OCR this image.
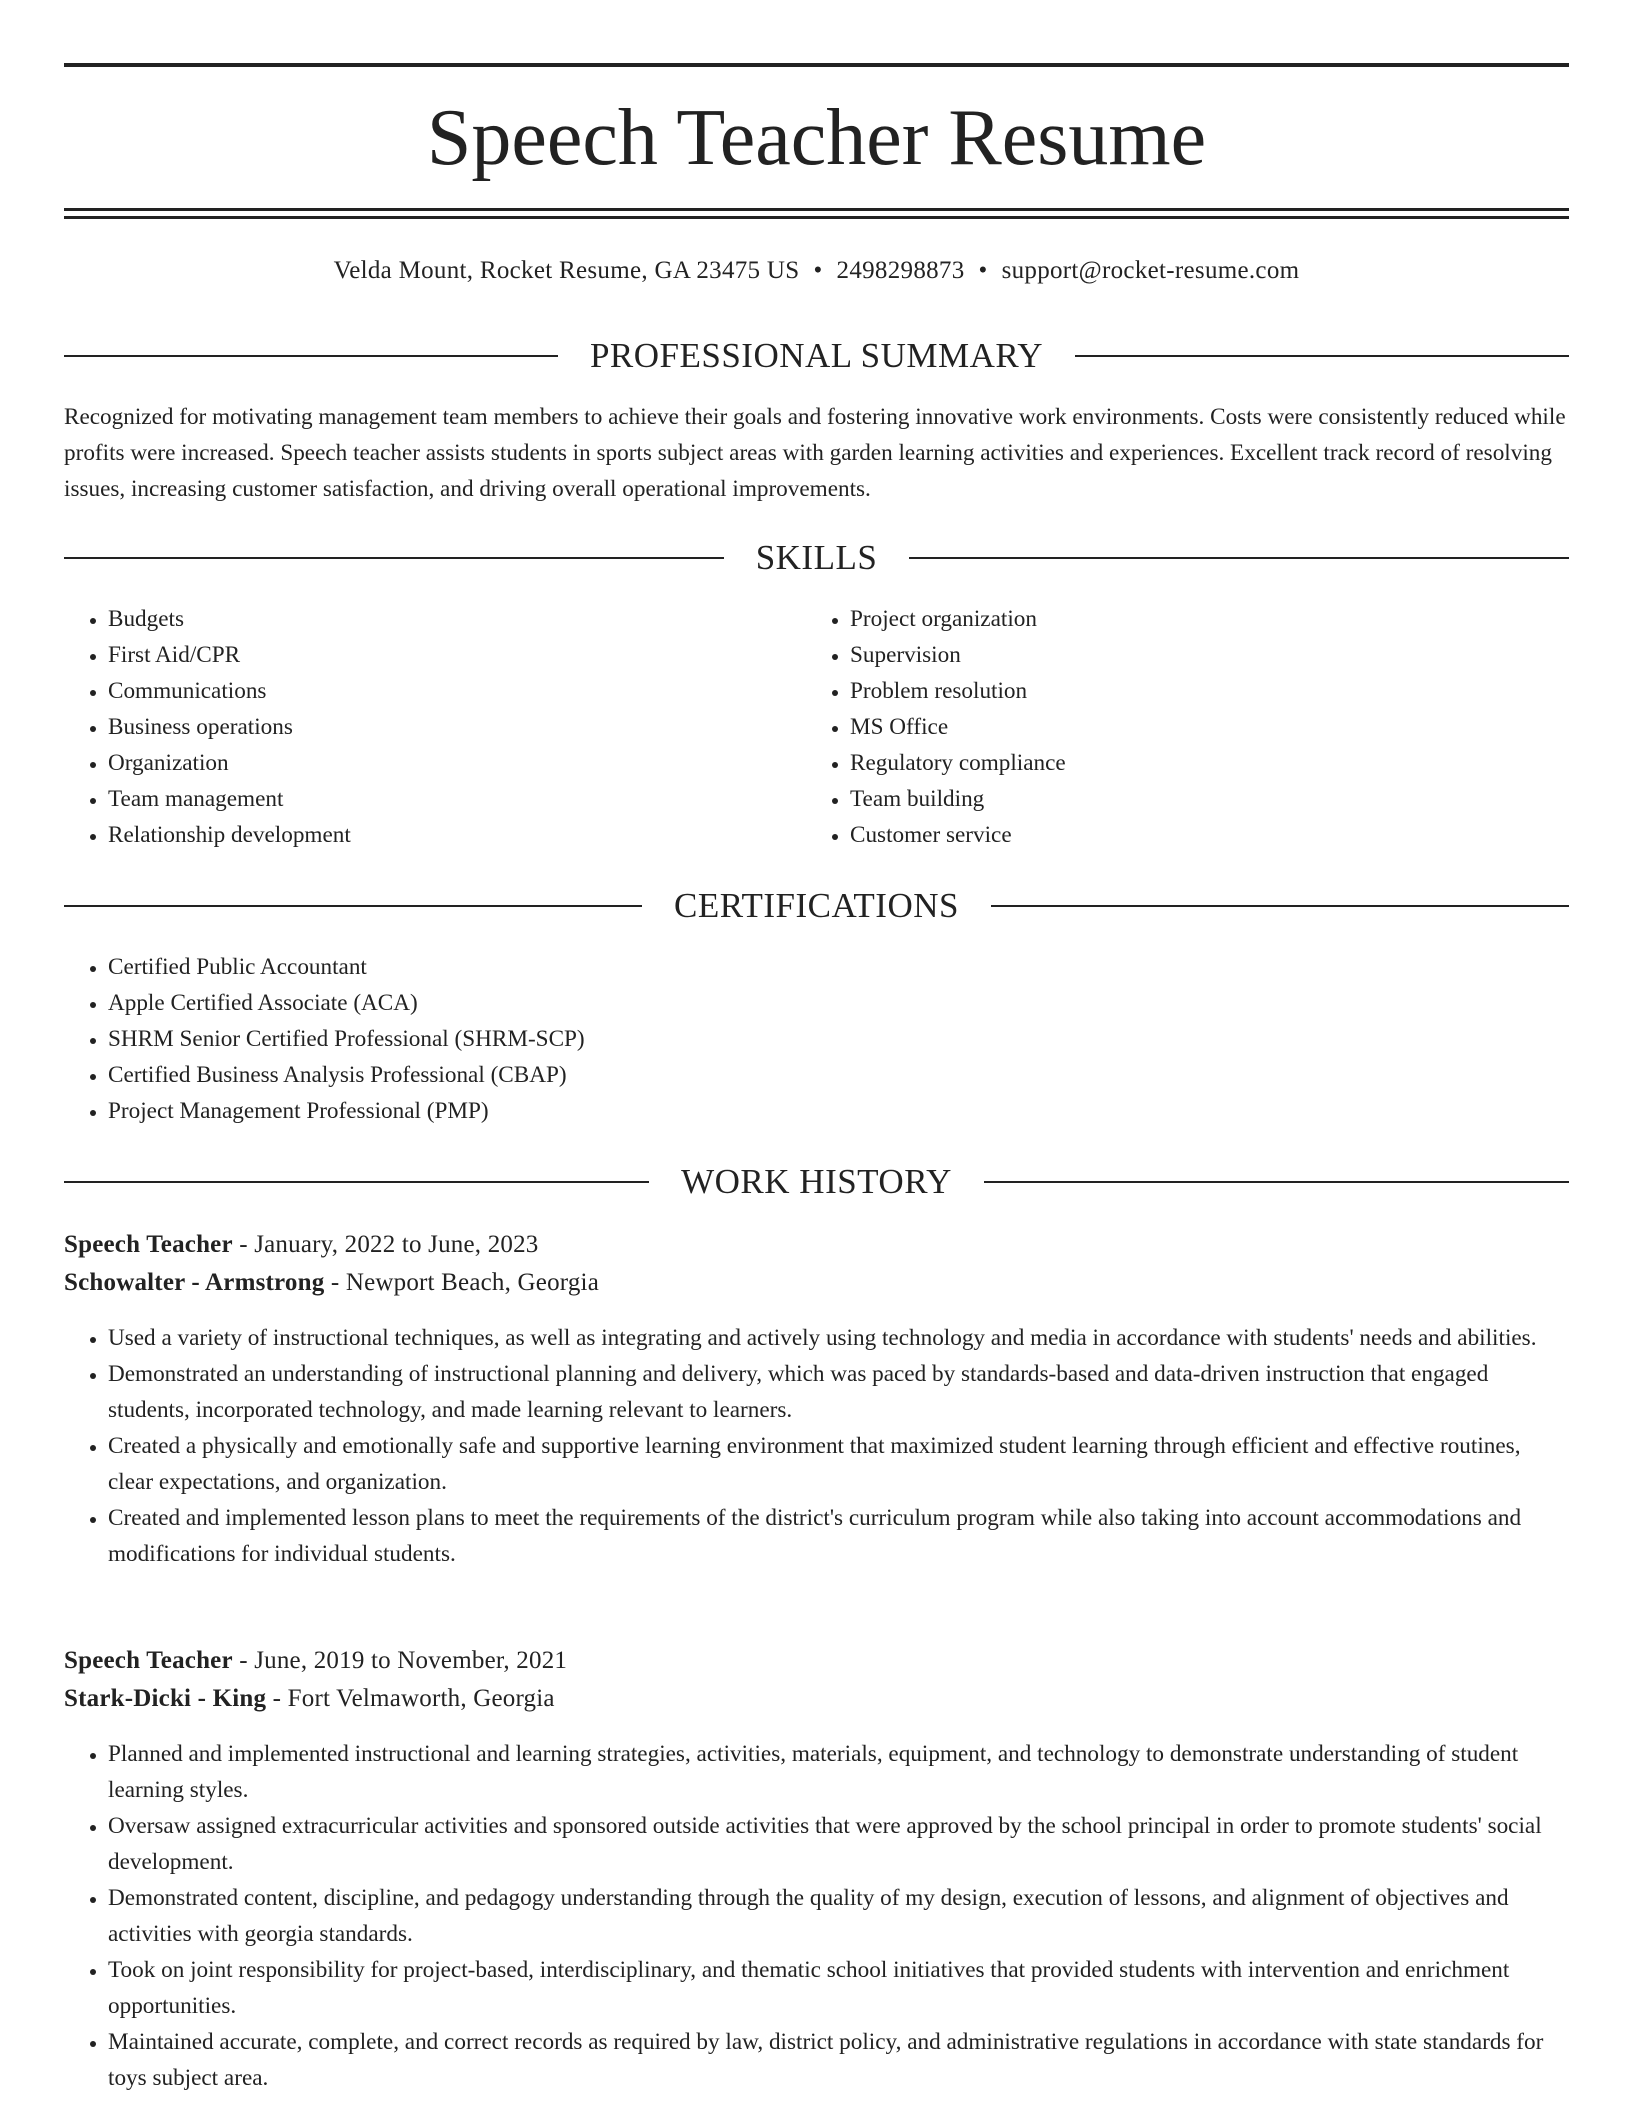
Speech Teacher Resume
Velda Mount, Rocket Resume, GA 23475 US • 2498298873 • support@rocket-resume.com
PROFESSIONAL SUMMARY

Recognized for motivating management team members to achieve their goals and fostering innovative work environments. Costs were consistently reduced while profits were increased. Speech teacher assists students in sports subject areas with garden learning activities and experiences. Excellent track record of resolving issues, increasing customer satisfaction, and driving overall operational improvements.

SKILLS
• Budgets
• First Aid/CPR
• Communications
• Business operations
• Organization
• Team management
• Relationship development
• Project organization
• Supervision
• Problem resolution
• MS Office
• Regulatory compliance
• Team building
• Customer service
CERTIFICATIONS
• Certified Public Accountant
• Apple Certified Associate (ACA)
• SHRM Senior Certified Professional (SHRM-SCP)
• Certified Business Analysis Professional (CBAP)
• Project Management Professional (PMP)
WORK HISTORY
Speech Teacher - January, 2022 to June, 2023
Schowalter - Armstrong - Newport Beach, Georgia
• Used a variety of instructional techniques, as well as integrating and actively using technology and media in accordance with students' needs and abilities.
• Demonstrated an understanding of instructional planning and delivery, which was paced by standards-based and data-driven instruction that engaged students, incorporated technology, and made learning relevant to learners.
• Created a physically and emotionally safe and supportive learning environment that maximized student learning through efficient and effective routines, clear expectations, and organization.
• Created and implemented lesson plans to meet the requirements of the district's curriculum program while also taking into account accommodations and modifications for individual students.
Speech Teacher - June, 2019 to November, 2021
Stark-Dicki - King - Fort Velmaworth, Georgia
• Planned and implemented instructional and learning strategies, activities, materials, equipment, and technology to demonstrate understanding of student learning styles.
• Oversaw assigned extracurricular activities and sponsored outside activities that were approved by the school principal in order to promote students' social development.
• Demonstrated content, discipline, and pedagogy understanding through the quality of my design, execution of lessons, and alignment of objectives and activities with georgia standards.
• Took on joint responsibility for project-based, interdisciplinary, and thematic school initiatives that provided students with intervention and enrichment opportunities.
• Maintained accurate, complete, and correct records as required by law, district policy, and administrative regulations in accordance with state standards for toys subject area.
